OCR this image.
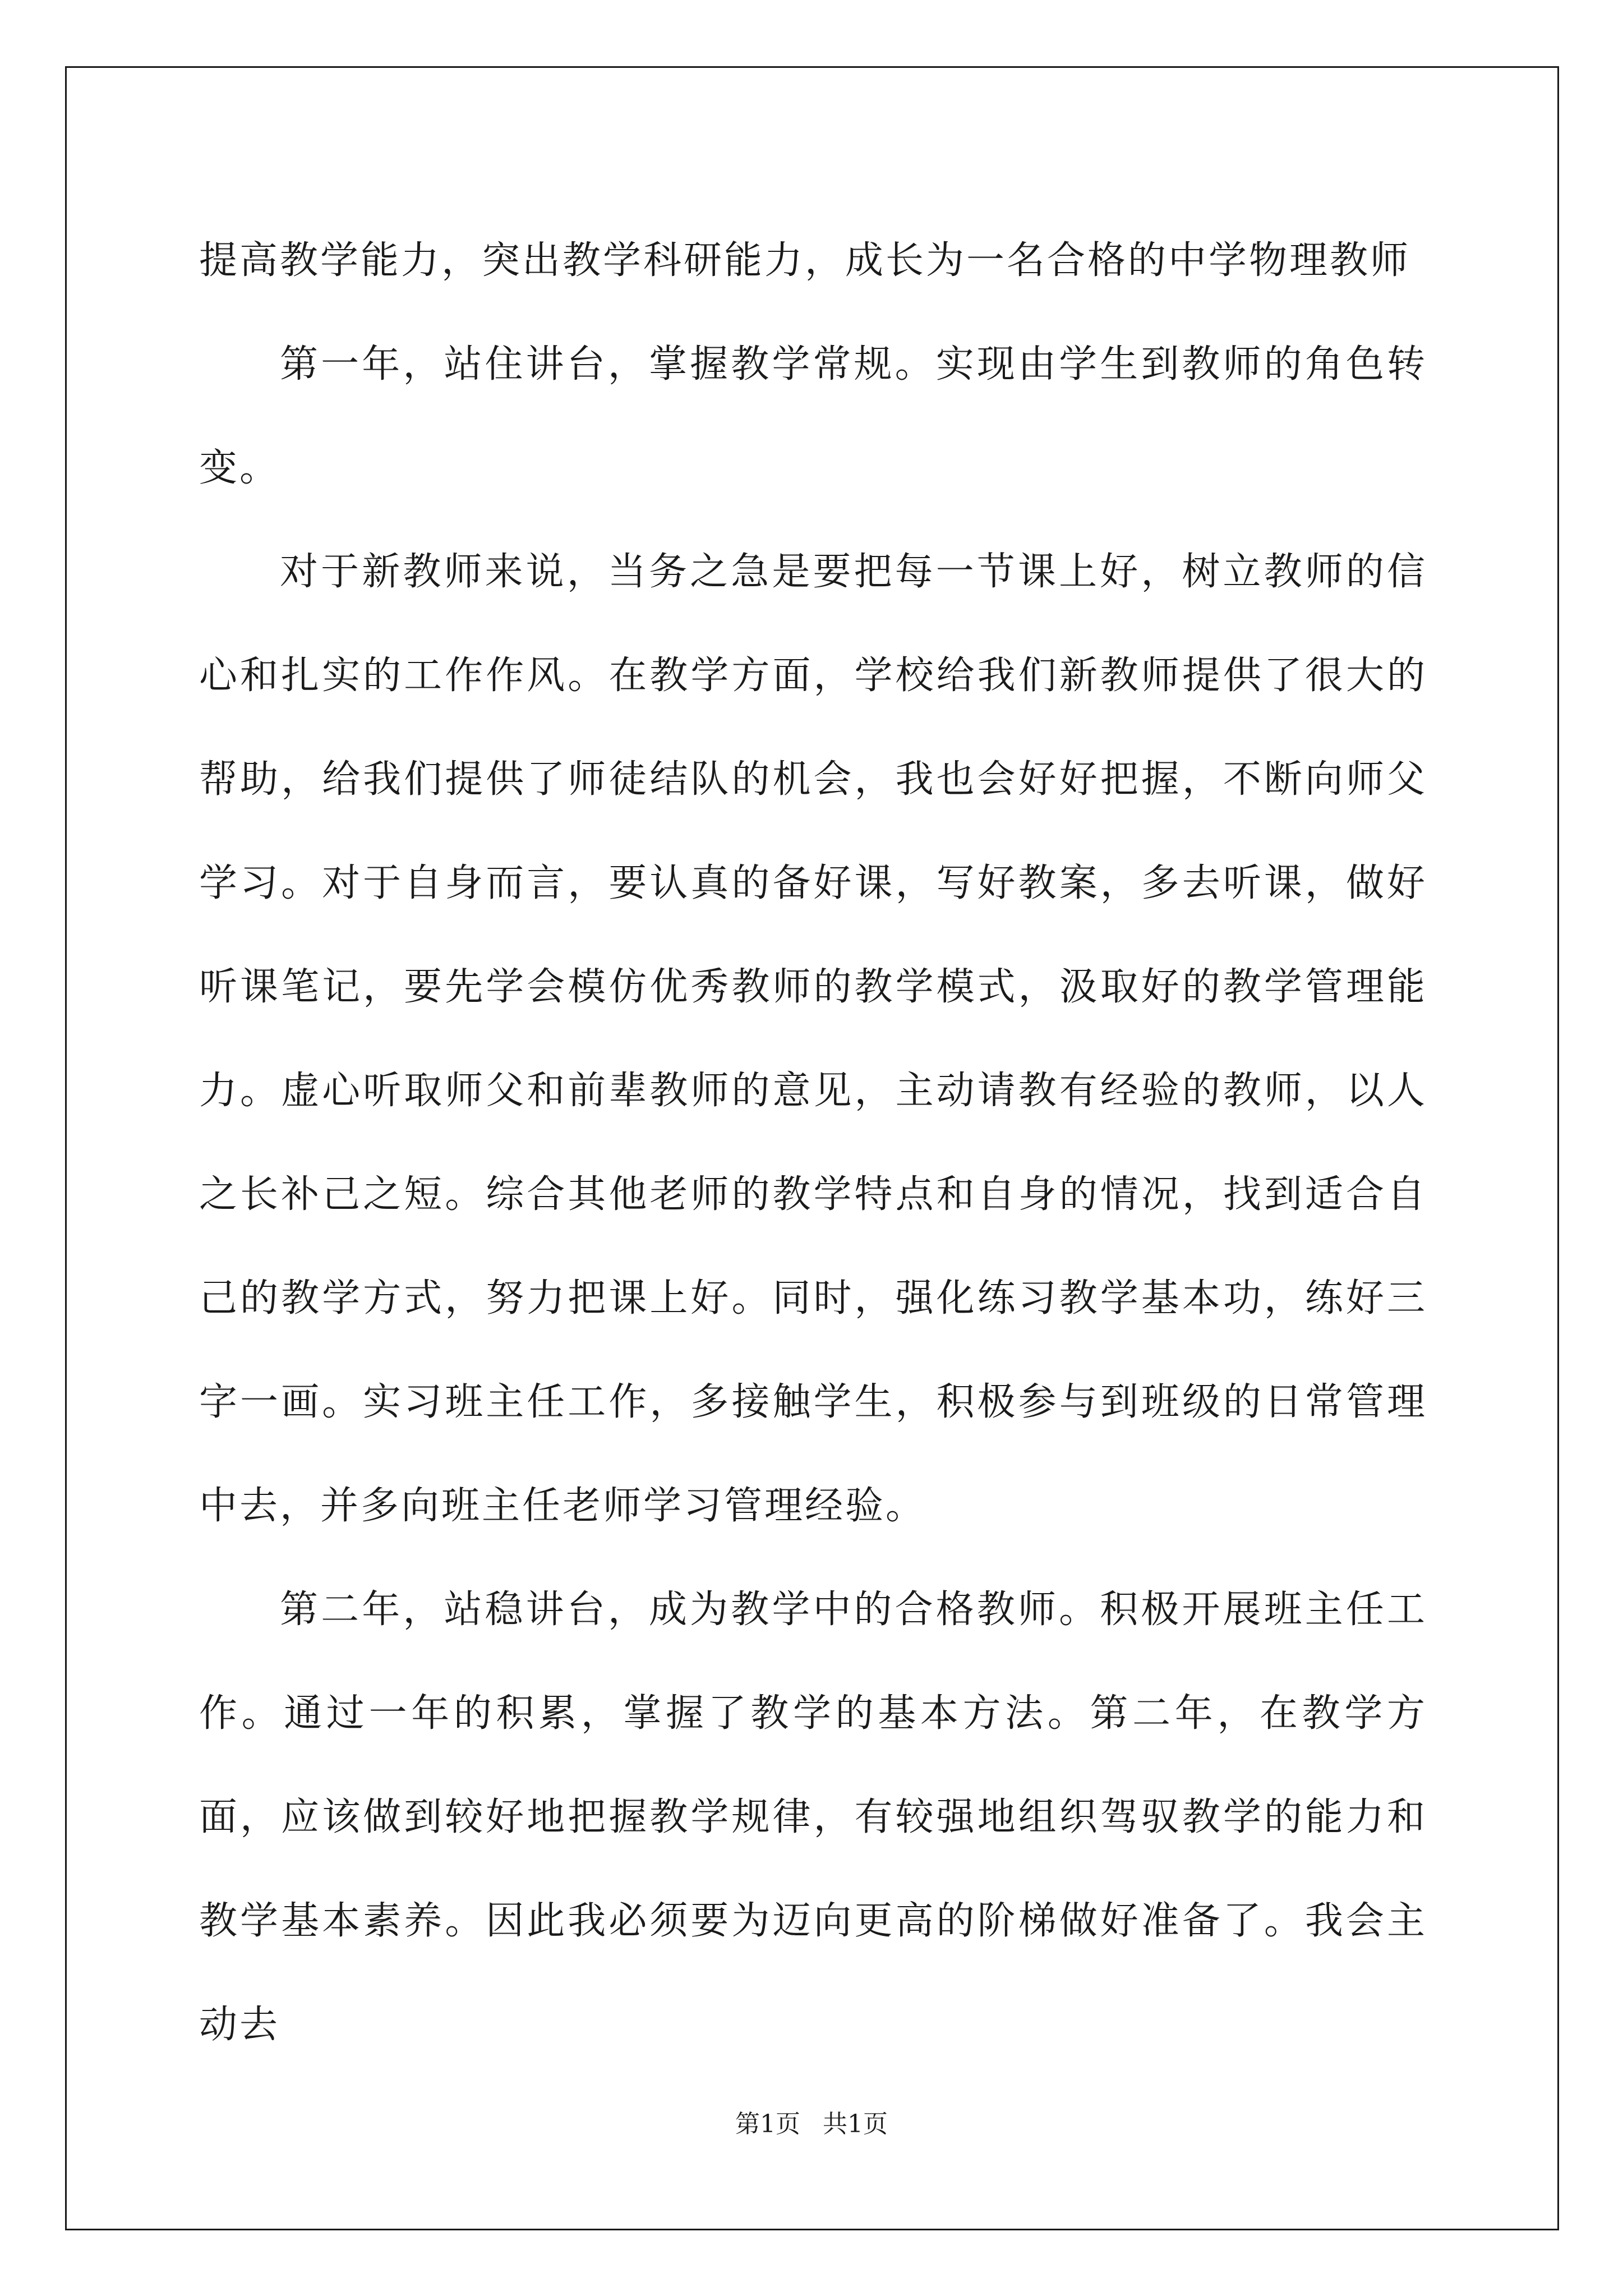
提高教学能力，突出教学科研能力，成长为一名合格的中学物理教师

第一年，站住讲台，掌握教学常规。实现由学生到教师的角色转变。

对于新教师来说，当务之急是要把每一节课上好，树立教师的信心和扎实的工作作风。在教学方面，学校给我们新教师提供了很大的帮助，给我们提供了师徒结队的机会，我也会好好把握，不断向师父学习。对于自身而言，要认真的备好课，写好教案，多去听课，做好听课笔记，要先学会模仿优秀教师的教学模式，汲取好的教学管理能力。虚心听取师父和前辈教师的意见，主动请教有经验的教师，以人之长补己之短。综合其他老师的教学特点和自身的情况，找到适合自己的教学方式，努力把课上好。同时，强化练习教学基本功，练好三字一画。实习班主任工作，多接触学生，积极参与到班级的日常管理中去，并多向班主任老师学习管理经验。

第二年，站稳讲台，成为教学中的合格教师。积极开展班主任工作。通过一年的积累，掌握了教学的基本方法。第二年，在教学方面，应该做到较好地把握教学规律，有较强地组织驾驭教学的能力和教学基本素养。因此我必须要为迈向更高的阶梯做好准备了。我会主动去

第1页 共1页
